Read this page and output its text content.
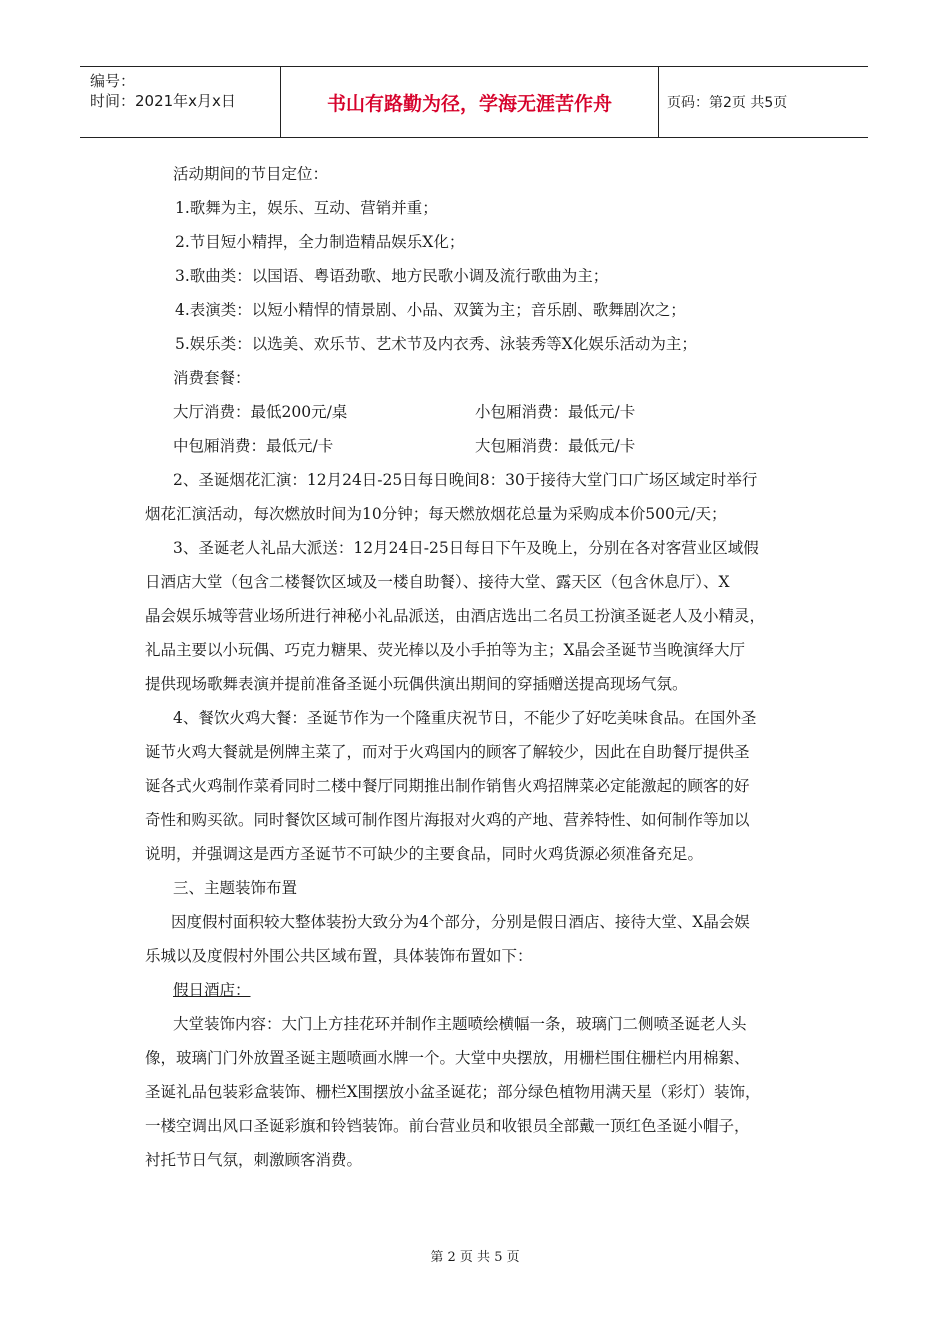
编号：
时间：2021年x月x日	书山有路勤为径，学海无涯苦作舟	页码：第2页 共5页
活动期间的节目定位：
1.歌舞为主，娱乐、互动、营销并重；
2.节目短小精捍，全力制造精品娱乐X化；
3.歌曲类：以国语、粤语劲歌、地方民歌小调及流行歌曲为主；
4.表演类：以短小精悍的情景剧、小品、双簧为主；音乐剧、歌舞剧次之；
5.娱乐类：以选美、欢乐节、艺术节及内衣秀、泳装秀等X化娱乐活动为主；
消费套餐：
大厅消费：最低200元/桌	小包厢消费：最低元/卡
中包厢消费：最低元/卡	大包厢消费：最低元/卡
2、圣诞烟花汇演：12月24日-25日每日晚间8：30于接待大堂门口广场区域定时举行
烟花汇演活动，每次燃放时间为10分钟；每天燃放烟花总量为采购成本价500元/天；
3、圣诞老人礼品大派送：12月24日-25日每日下午及晚上，分别在各对客营业区域假
日酒店大堂（包含二楼餐饮区域及一楼自助餐）、接待大堂、露天区（包含休息厅）、X
晶会娱乐城等营业场所进行神秘小礼品派送，由酒店选出二名员工扮演圣诞老人及小精灵，
礼品主要以小玩偶、巧克力糖果、荧光棒以及小手拍等为主；X晶会圣诞节当晚演绎大厅
提供现场歌舞表演并提前准备圣诞小玩偶供演出期间的穿插赠送提高现场气氛。
4、餐饮火鸡大餐：圣诞节作为一个隆重庆祝节日，不能少了好吃美味食品。在国外圣
诞节火鸡大餐就是例牌主菜了，而对于火鸡国内的顾客了解较少，因此在自助餐厅提供圣
诞各式火鸡制作菜肴同时二楼中餐厅同期推出制作销售火鸡招牌菜必定能激起的顾客的好
奇性和购买欲。同时餐饮区域可制作图片海报对火鸡的产地、营养特性、如何制作等加以
说明，并强调这是西方圣诞节不可缺少的主要食品，同时火鸡货源必须准备充足。
三、主题装饰布置
因度假村面积较大整体装扮大致分为4个部分，分别是假日酒店、接待大堂、X晶会娱
乐城以及度假村外围公共区域布置，具体装饰布置如下：
假日酒店：
大堂装饰内容：大门上方挂花环并制作主题喷绘横幅一条，玻璃门二侧喷圣诞老人头
像，玻璃门门外放置圣诞主题喷画水牌一个。大堂中央摆放，用栅栏围住栅栏内用棉絮、
圣诞礼品包装彩盒装饰、栅栏X围摆放小盆圣诞花；部分绿色植物用满天星（彩灯）装饰，
一楼空调出风口圣诞彩旗和铃铛装饰。前台营业员和收银员全部戴一顶红色圣诞小帽子，
衬托节日气氛，刺激顾客消费。
第 2 页 共 5 页
